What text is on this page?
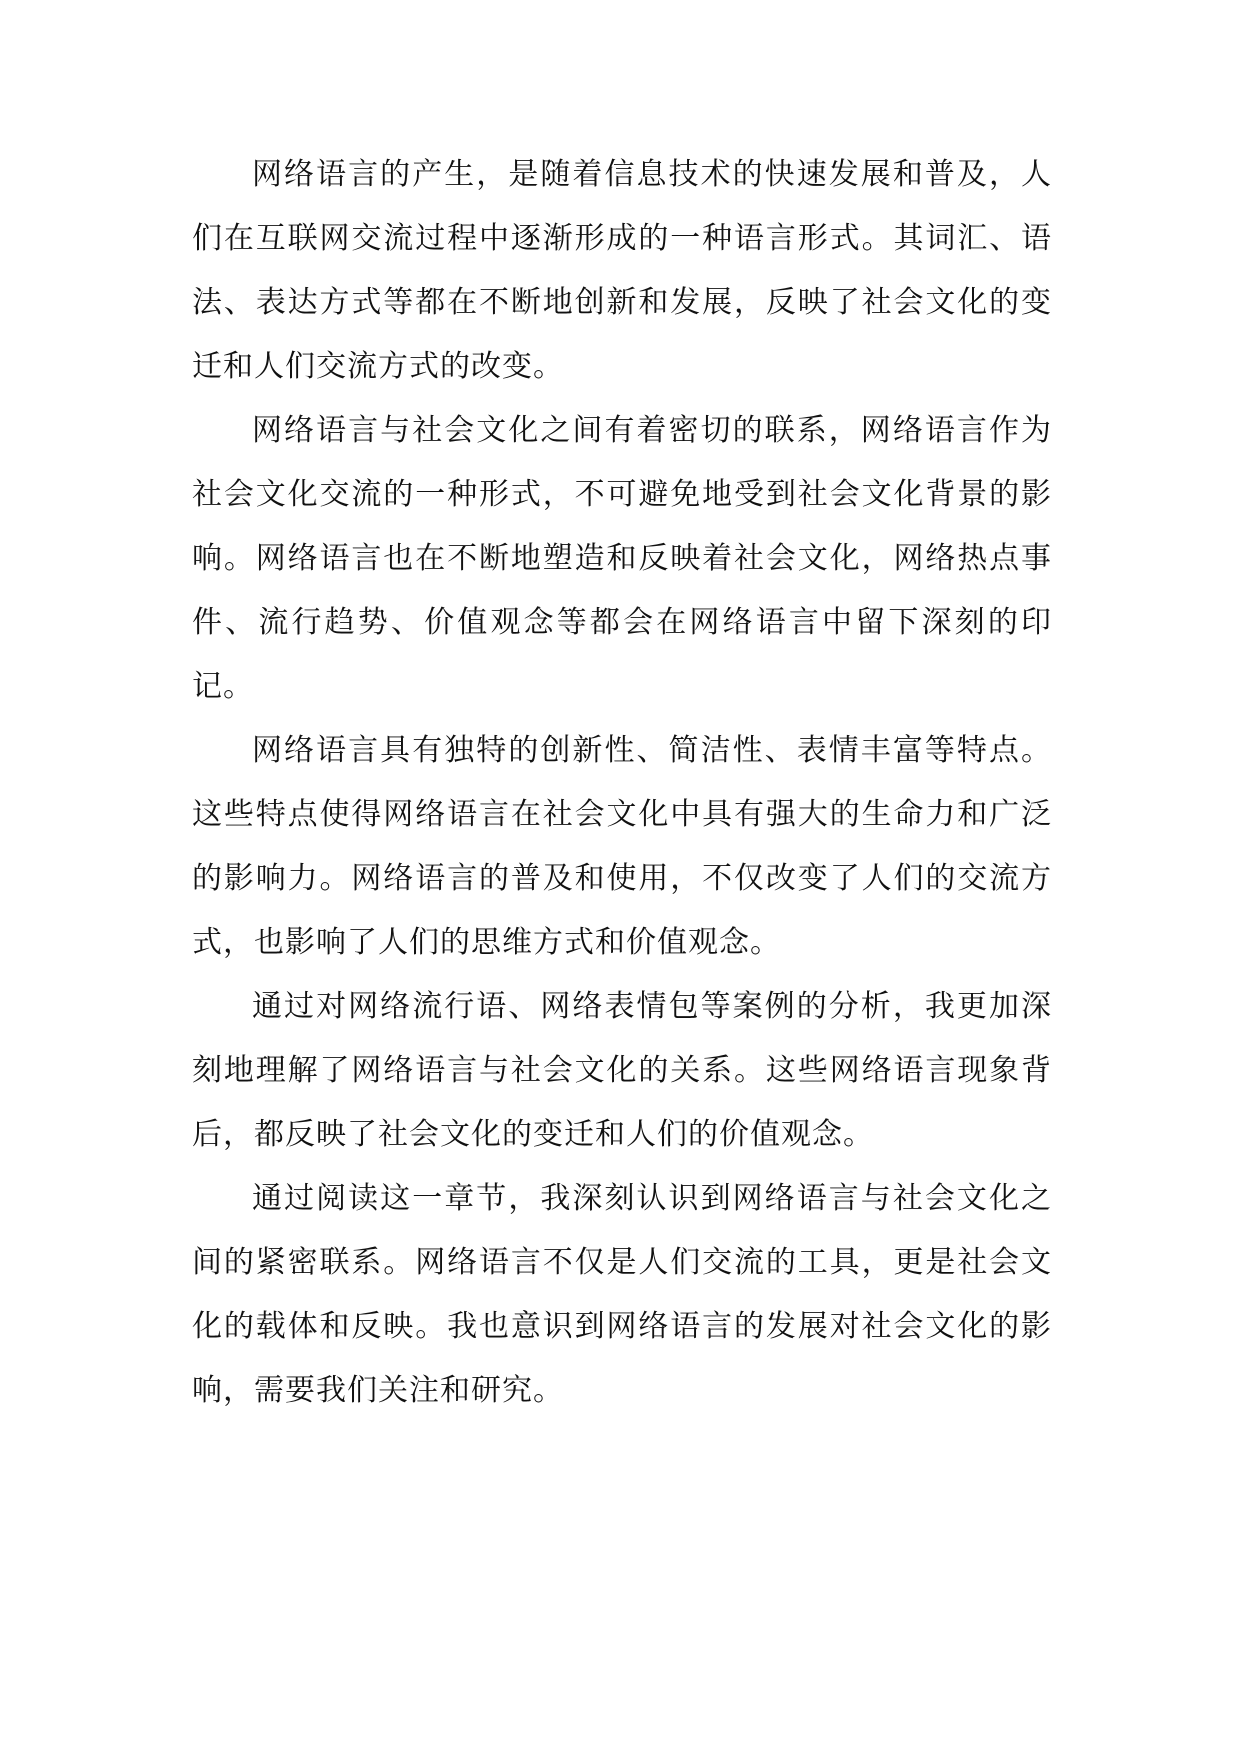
网络语言的产生，是随着信息技术的快速发展和普及，人们在互联网交流过程中逐渐形成的一种语言形式。其词汇、语法、表达方式等都在不断地创新和发展，反映了社会文化的变迁和人们交流方式的改变。

网络语言与社会文化之间有着密切的联系，网络语言作为社会文化交流的一种形式，不可避免地受到社会文化背景的影响。网络语言也在不断地塑造和反映着社会文化，网络热点事件、流行趋势、价值观念等都会在网络语言中留下深刻的印记。

网络语言具有独特的创新性、简洁性、表情丰富等特点。这些特点使得网络语言在社会文化中具有强大的生命力和广泛的影响力。网络语言的普及和使用，不仅改变了人们的交流方式，也影响了人们的思维方式和价值观念。

通过对网络流行语、网络表情包等案例的分析，我更加深刻地理解了网络语言与社会文化的关系。这些网络语言现象背后，都反映了社会文化的变迁和人们的价值观念。

通过阅读这一章节，我深刻认识到网络语言与社会文化之间的紧密联系。网络语言不仅是人们交流的工具，更是社会文化的载体和反映。我也意识到网络语言的发展对社会文化的影响，需要我们关注和研究。
